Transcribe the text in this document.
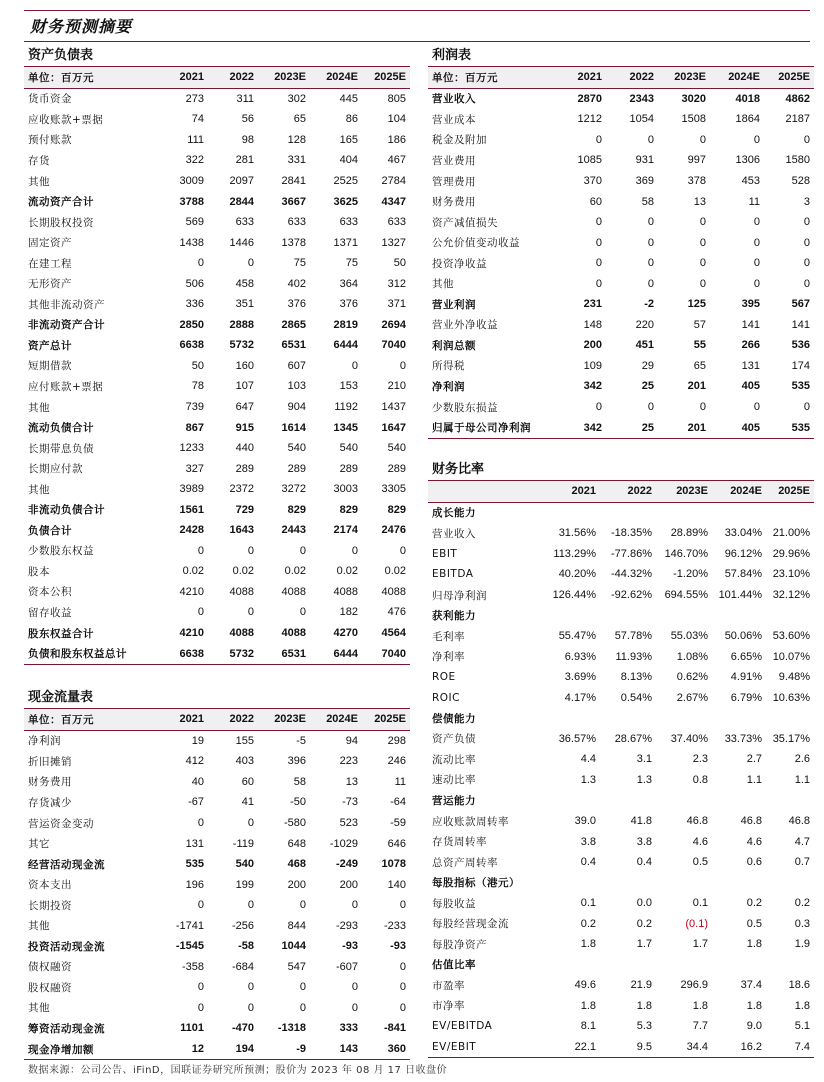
财务预测摘要
资产负债表
单位：百万元	2021	2022	2023E	2024E	2025E
货币资金	273	311	302	445	805
应收账款+票据	74	56	65	86	104
预付账款	111	98	128	165	186
存货	322	281	331	404	467
其他	3009	2097	2841	2525	2784
流动资产合计	3788	2844	3667	3625	4347
长期股权投资	569	633	633	633	633
固定资产	1438	1446	1378	1371	1327
在建工程	0	0	75	75	50
无形资产	506	458	402	364	312
其他非流动资产	336	351	376	376	371
非流动资产合计	2850	2888	2865	2819	2694
资产总计	6638	5732	6531	6444	7040
短期借款	50	160	607	0	0
应付账款+票据	78	107	103	153	210
其他	739	647	904	1192	1437
流动负债合计	867	915	1614	1345	1647
长期带息负债	1233	440	540	540	540
长期应付款	327	289	289	289	289
其他	3989	2372	3272	3003	3305
非流动负债合计	1561	729	829	829	829
负债合计	2428	1643	2443	2174	2476
少数股东权益	0	0	0	0	0
股本	0.02	0.02	0.02	0.02	0.02
资本公积	4210	4088	4088	4088	4088
留存收益	0	0	0	182	476
股东权益合计	4210	4088	4088	4270	4564
负债和股东权益总计	6638	5732	6531	6444	7040
现金流量表
单位：百万元	2021	2022	2023E	2024E	2025E
净利润	19	155	-5	94	298
折旧摊销	412	403	396	223	246
财务费用	40	60	58	13	11
存货减少	-67	41	-50	-73	-64
营运资金变动	0	0	-580	523	-59
其它	131	-119	648	-1029	646
经营活动现金流	535	540	468	-249	1078
资本支出	196	199	200	200	140
长期投资	0	0	0	0	0
其他	-1741	-256	844	-293	-233
投资活动现金流	-1545	-58	1044	-93	-93
债权融资	-358	-684	547	-607	0
股权融资	0	0	0	0	0
其他	0	0	0	0	0
筹资活动现金流	1101	-470	-1318	333	-841
现金净增加额	12	194	-9	143	360
利润表
单位：百万元	2021	2022	2023E	2024E	2025E
营业收入	2870	2343	3020	4018	4862
营业成本	1212	1054	1508	1864	2187
税金及附加	0	0	0	0	0
营业费用	1085	931	997	1306	1580
管理费用	370	369	378	453	528
财务费用	60	58	13	11	3
资产减值损失	0	0	0	0	0
公允价值变动收益	0	0	0	0	0
投资净收益	0	0	0	0	0
其他	0	0	0	0	0
营业利润	231	-2	125	395	567
营业外净收益	148	220	57	141	141
利润总额	200	451	55	266	536
所得税	109	29	65	131	174
净利润	342	25	201	405	535
少数股东损益	0	0	0	0	0
归属于母公司净利润	342	25	201	405	535
财务比率
	2021	2022	2023E	2024E	2025E
成长能力					
营业收入	31.56%	-18.35%	28.89%	33.04%	21.00%
EBIT	113.29%	-77.86%	146.70%	96.12%	29.96%
EBITDA	40.20%	-44.32%	-1.20%	57.84%	23.10%
归母净利润	126.44%	-92.62%	694.55%	101.44%	32.12%
获利能力					
毛利率	55.47%	57.78%	55.03%	50.06%	53.60%
净利率	6.93%	11.93%	1.08%	6.65%	10.07%
ROE	3.69%	8.13%	0.62%	4.91%	9.48%
ROIC	4.17%	0.54%	2.67%	6.79%	10.63%
偿债能力					
资产负债	36.57%	28.67%	37.40%	33.73%	35.17%
流动比率	4.4	3.1	2.3	2.7	2.6
速动比率	1.3	1.3	0.8	1.1	1.1
营运能力					
应收账款周转率	39.0	41.8	46.8	46.8	46.8
存货周转率	3.8	3.8	4.6	4.6	4.7
总资产周转率	0.4	0.4	0.5	0.6	0.7
每股指标（港元）					
每股收益	0.1	0.0	0.1	0.2	0.2
每股经营现金流	0.2	0.2	(0.1)	0.5	0.3
每股净资产	1.8	1.7	1.7	1.8	1.9
估值比率					
市盈率	49.6	21.9	296.9	37.4	18.6
市净率	1.8	1.8	1.8	1.8	1.8
EV/EBITDA	8.1	5.3	7.7	9.0	5.1
EV/EBIT	22.1	9.5	34.4	16.2	7.4
数据来源：公司公告、iFinD，国联证券研究所预测；股价为 2023 年 08 月 17 日收盘价
